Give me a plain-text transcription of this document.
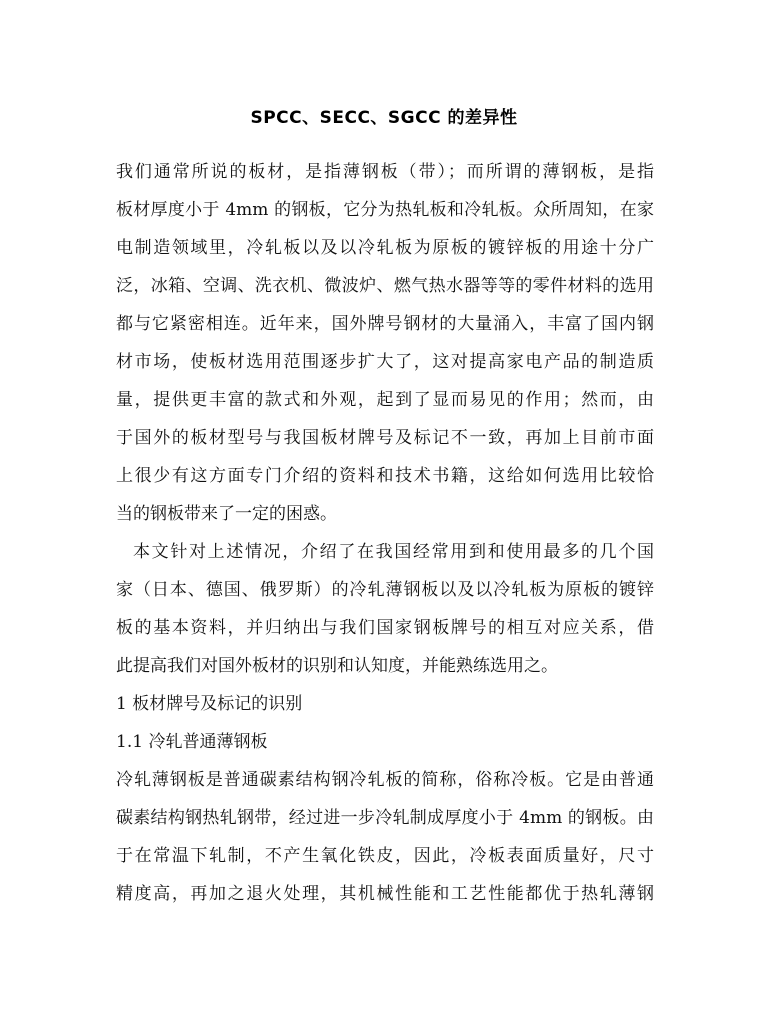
SPCC、SECC、SGCC 的差异性
我们通常所说的板材，是指薄钢板（带）；而所谓的薄钢板，是指
板材厚度小于 4mm 的钢板，它分为热轧板和冷轧板。众所周知，在家
电制造领域里，冷轧板以及以冷轧板为原板的镀锌板的用途十分广
泛，冰箱、空调、洗衣机、微波炉、燃气热水器等等的零件材料的选用
都与它紧密相连。近年来，国外牌号钢材的大量涌入，丰富了国内钢
材市场，使板材选用范围逐步扩大了，这对提高家电产品的制造质
量，提供更丰富的款式和外观，起到了显而易见的作用；然而，由
于国外的板材型号与我国板材牌号及标记不一致，再加上目前市面
上很少有这方面专门介绍的资料和技术书籍，这给如何选用比较恰
当的钢板带来了一定的困惑。
本文针对上述情况，介绍了在我国经常用到和使用最多的几个国
家（日本、德国、俄罗斯）的冷轧薄钢板以及以冷轧板为原板的镀锌
板的基本资料，并归纳出与我们国家钢板牌号的相互对应关系，借
此提高我们对国外板材的识别和认知度，并能熟练选用之。
1 板材牌号及标记的识别
1.1 冷轧普通薄钢板
冷轧薄钢板是普通碳素结构钢冷轧板的简称，俗称冷板。它是由普通
碳素结构钢热轧钢带，经过进一步冷轧制成厚度小于 4mm 的钢板。由
于在常温下轧制，不产生氧化铁皮，因此，冷板表面质量好，尺寸
精度高，再加之退火处理，其机械性能和工艺性能都优于热轧薄钢
